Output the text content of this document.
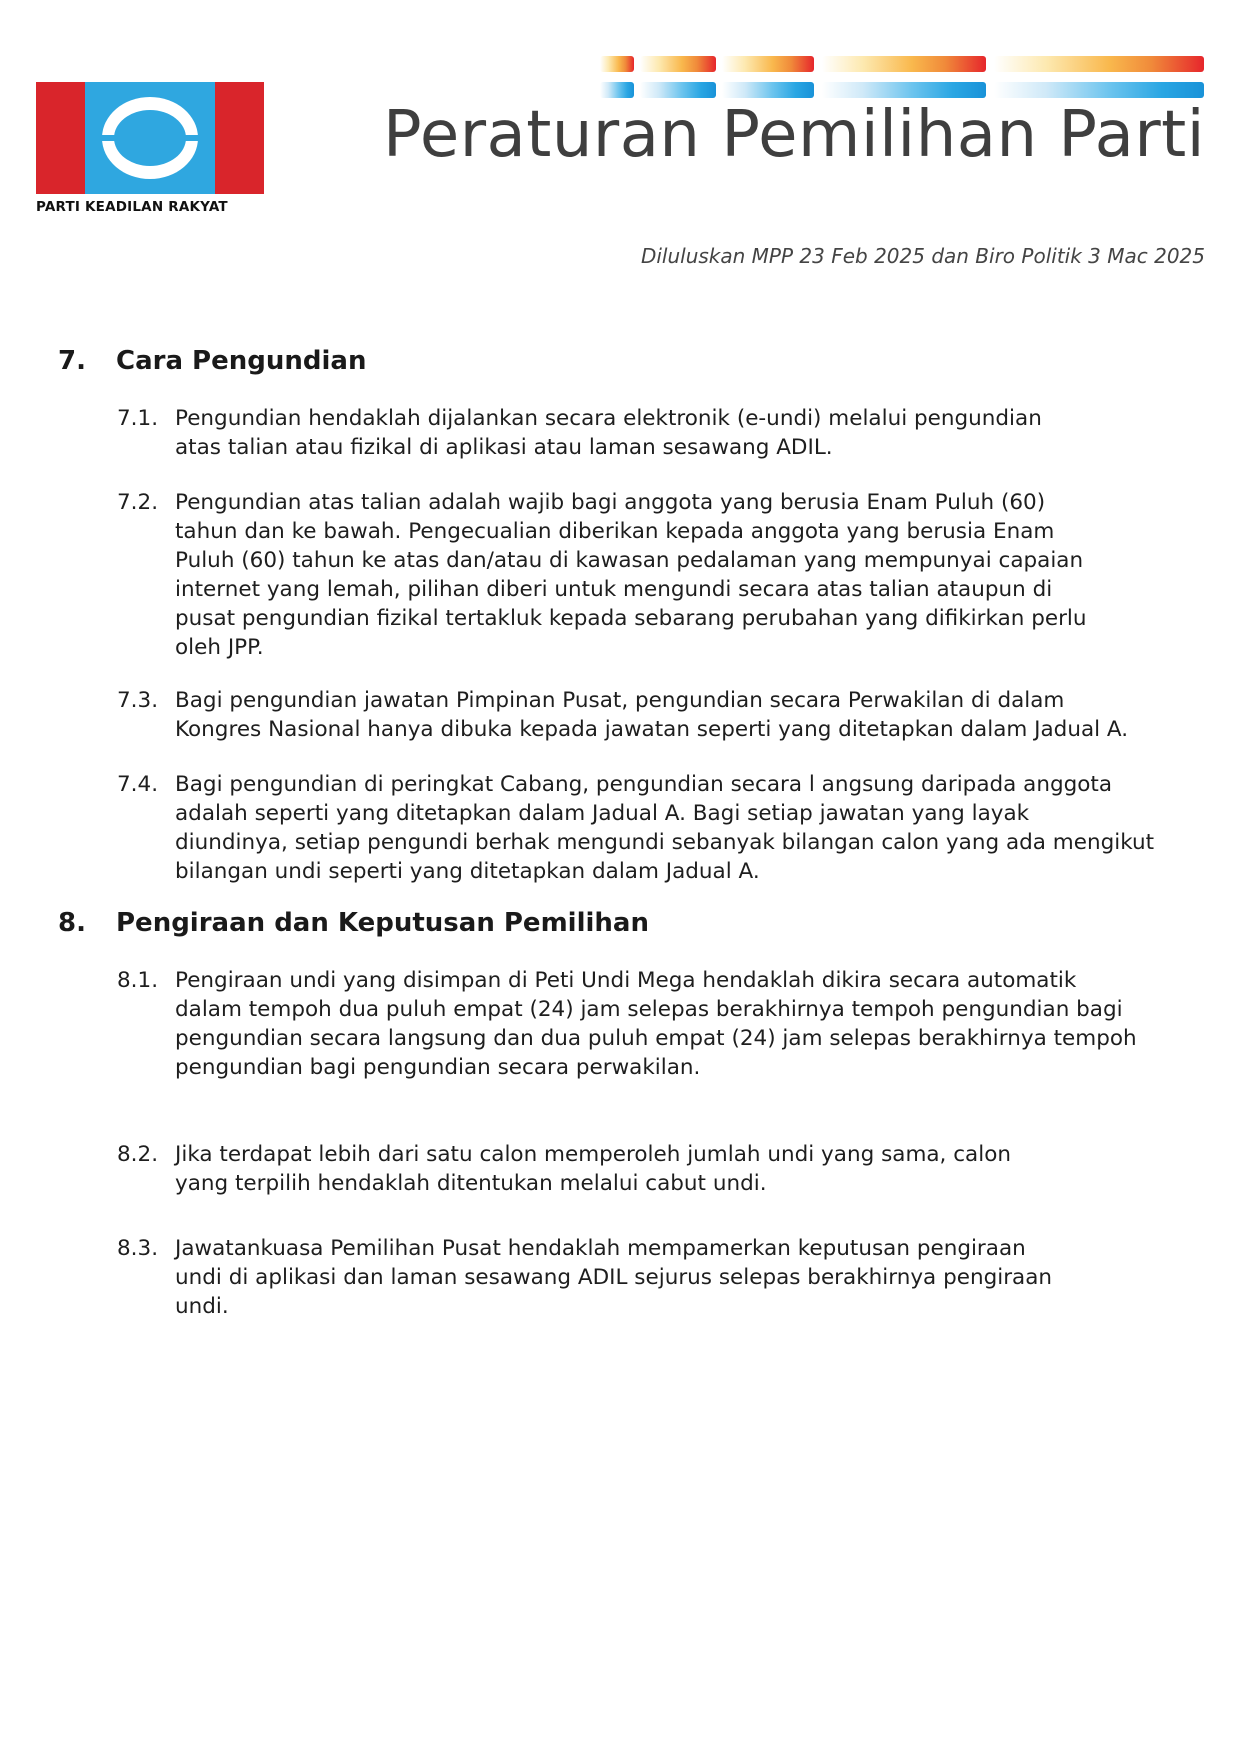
PARTI KEADILAN RAKYAT
Peraturan Pemilihan Parti
Diluluskan MPP 23 Feb 2025 dan Biro Politik 3 Mac 2025
7. Cara Pengundian
7.1. Pengundian hendaklah dijalankan secara elektronik (e-undi) melalui pengundian
atas talian atau fizikal di aplikasi atau laman sesawang ADIL.
7.2. Pengundian atas talian adalah wajib bagi anggota yang berusia Enam Puluh (60)
tahun dan ke bawah. Pengecualian diberikan kepada anggota yang berusia Enam
Puluh (60) tahun ke atas dan/atau di kawasan pedalaman yang mempunyai capaian
internet yang lemah, pilihan diberi untuk mengundi secara atas talian ataupun di
pusat pengundian fizikal tertakluk kepada sebarang perubahan yang difikirkan perlu
oleh JPP.
7.3. Bagi pengundian jawatan Pimpinan Pusat, pengundian secara Perwakilan di dalam
Kongres Nasional hanya dibuka kepada jawatan seperti yang ditetapkan dalam Jadual A.
7.4. Bagi pengundian di peringkat Cabang, pengundian secara l angsung daripada anggota
adalah seperti yang ditetapkan dalam Jadual A. Bagi setiap jawatan yang layak
diundinya, setiap pengundi berhak mengundi sebanyak bilangan calon yang ada mengikut
bilangan undi seperti yang ditetapkan dalam Jadual A.
8. Pengiraan dan Keputusan Pemilihan
8.1. Pengiraan undi yang disimpan di Peti Undi Mega hendaklah dikira secara automatik
dalam tempoh dua puluh empat (24) jam selepas berakhirnya tempoh pengundian bagi
pengundian secara langsung dan dua puluh empat (24) jam selepas berakhirnya tempoh
pengundian bagi pengundian secara perwakilan.
8.2. Jika terdapat lebih dari satu calon memperoleh jumlah undi yang sama, calon
yang terpilih hendaklah ditentukan melalui cabut undi.
8.3. Jawatankuasa Pemilihan Pusat hendaklah mempamerkan keputusan pengiraan
undi di aplikasi dan laman sesawang ADIL sejurus selepas berakhirnya pengiraan
undi.
